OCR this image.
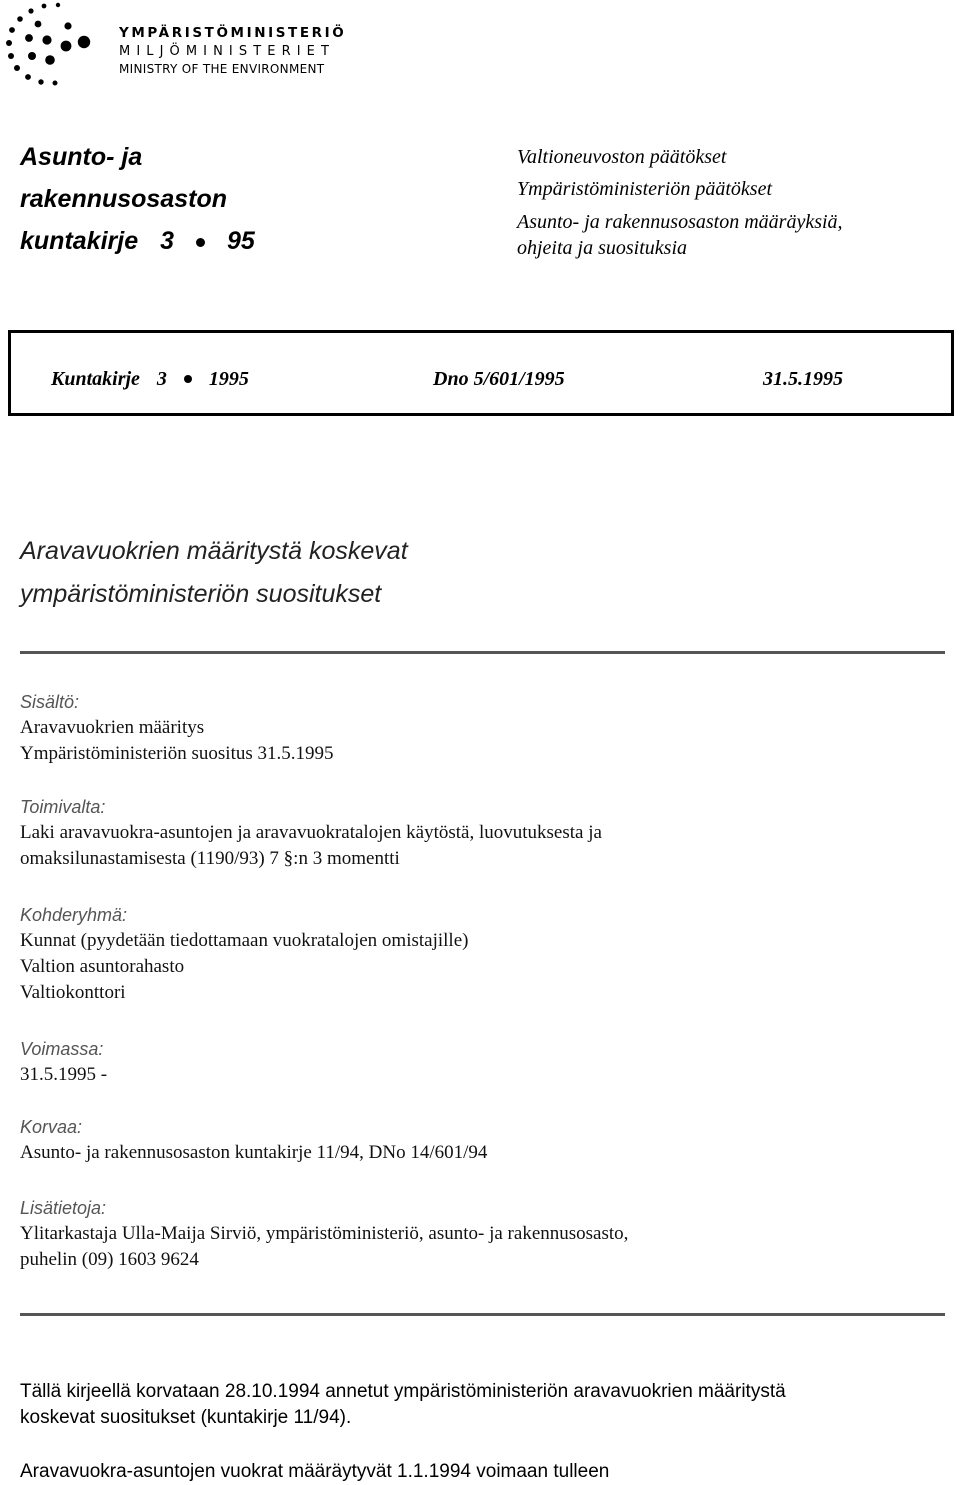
YMPÄRISTÖMINISTERIÖ
MILJÖMINISTERIET
MINISTRY OF THE ENVIRONMENT
Asunto- ja
rakennusosaston
kuntakirje 3 95
Valtioneuvoston päätökset
Ympäristöministeriön päätökset
Asunto- ja rakennusosaston määräyksiä,
ohjeita ja suosituksia
Kuntakirje 3 1995	Dno 5/601/1995	31.5.1995
Aravavuokrien määritystä koskevat
ympäristöministeriön suositukset
Sisältö:
Aravavuokrien määritys
Ympäristöministeriön suositus 31.5.1995
Toimivalta:
Laki aravavuokra-asuntojen ja aravavuokratalojen käytöstä, luovutuksesta ja
omaksilunastamisesta (1190/93) 7 §:n 3 momentti
Kohderyhmä:
Kunnat (pyydetään tiedottamaan vuokratalojen omistajille)
Valtion asuntorahasto
Valtiokonttori
Voimassa:
31.5.1995 -
Korvaa:
Asunto- ja rakennusosaston kuntakirje 11/94, DNo 14/601/94
Lisätietoja:
Ylitarkastaja Ulla-Maija Sirviö, ympäristöministeriö, asunto- ja rakennusosasto,
puhelin (09) 1603 9624
Tällä kirjeellä korvataan 28.10.1994 annetut ympäristöministeriön aravavuokrien määritystä
koskevat suositukset (kuntakirje 11/94).
Aravavuokra-asuntojen vuokrat määräytyvät 1.1.1994 voimaan tulleen
